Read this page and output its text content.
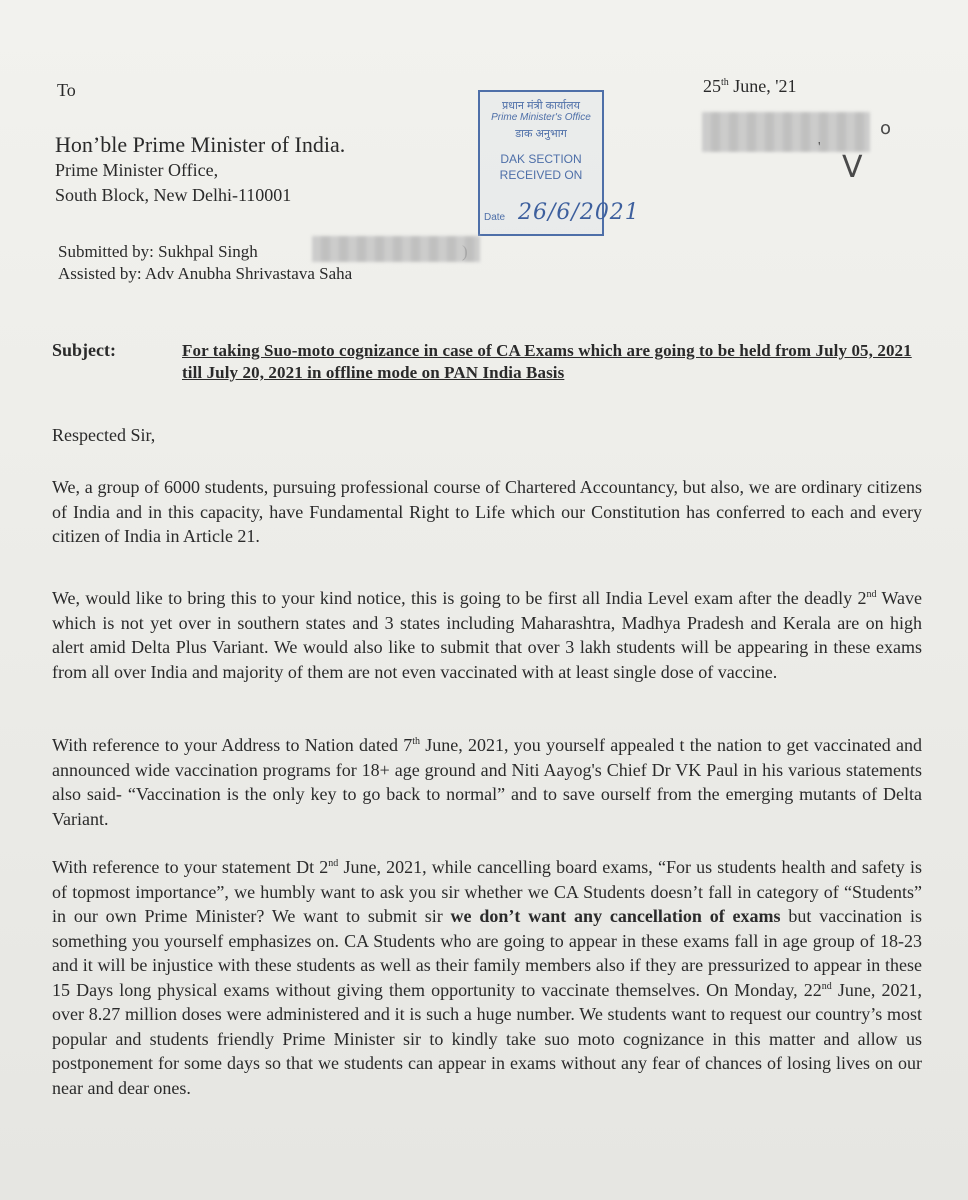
To	25th June, '21
प्रधान मंत्री कार्यालय
Prime Minister's Office
डाक अनुभाग
DAK SECTION
RECEIVED ON
Date 26/6/2021
o
'
V
Hon’ble Prime Minister of India.
Prime Minister Office,
South Block, New Delhi-110001
Submitted by: Sukhpal Singh
Assisted by: Adv Anubha Shrivastava Saha
Subject:	For taking Suo-moto cognizance in case of CA Exams which are going to be held from July 05, 2021 till July 20, 2021 in offline mode on PAN India Basis
Respected Sir,
We, a group of 6000 students, pursuing professional course of Chartered Accountancy, but also, we are ordinary citizens of India and in this capacity, have Fundamental Right to Life which our Constitution has conferred to each and every citizen of India in Article 21.
We, would like to bring this to your kind notice, this is going to be first all India Level exam after the deadly 2nd Wave which is not yet over in southern states and 3 states including Maharashtra, Madhya Pradesh and Kerala are on high alert amid Delta Plus Variant. We would also like to submit that over 3 lakh students will be appearing in these exams from all over India and majority of them are not even vaccinated with at least single dose of vaccine.
With reference to your Address to Nation dated 7th June, 2021, you yourself appealed t the nation to get vaccinated and announced wide vaccination programs for 18+ age ground and Niti Aayog's Chief Dr VK Paul in his various statements also said- “Vaccination is the only key to go back to normal” and to save ourself from the emerging mutants of Delta Variant.
With reference to your statement Dt 2nd June, 2021, while cancelling board exams, “For us students health and safety is of topmost importance”, we humbly want to ask you sir whether we CA Students doesn’t fall in category of “Students” in our own Prime Minister? We want to submit sir we don’t want any cancellation of exams but vaccination is something you yourself emphasizes on. CA Students who are going to appear in these exams fall in age group of 18-23 and it will be injustice with these students as well as their family members also if they are pressurized to appear in these 15 Days long physical exams without giving them opportunity to vaccinate themselves. On Monday, 22nd June, 2021, over 8.27 million doses were administered and it is such a huge number. We students want to request our country’s most popular and students friendly Prime Minister sir to kindly take suo moto cognizance in this matter and allow us postponement for some days so that we students can appear in exams without any fear of chances of losing lives on our near and dear ones.
